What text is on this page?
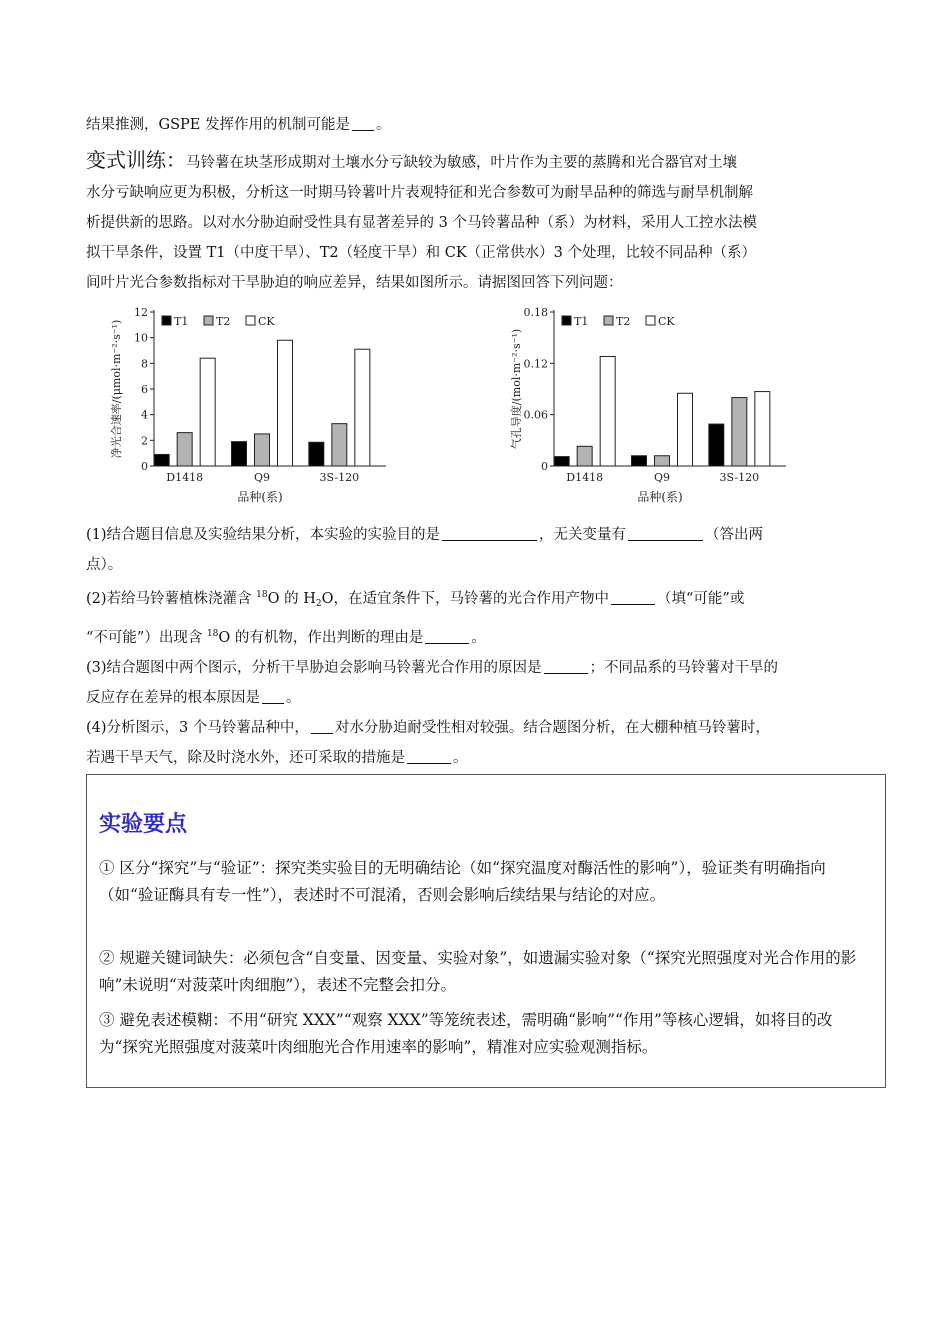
结果推测，GSPE 发挥作用的机制可能是 。

变式训练：马铃薯在块茎形成期对土壤水分亏缺较为敏感，叶片作为主要的蒸腾和光合器官对土壤

水分亏缺响应更为积极，分析这一时期马铃薯叶片表观特征和光合参数可为耐旱品种的筛选与耐旱机制解

析提供新的思路。以对水分胁迫耐受性具有显著差异的 3 个马铃薯品种（系）为材料，采用人工控水法模

拟干旱条件，设置 T1（中度干旱）、T2（轻度干旱）和 CK（正常供水）3 个处理，比较不同品种（系）

间叶片光合参数指标对干旱胁迫的响应差异，结果如图所示。请据图回答下列问题：

0
2
4
6
8
10
12
净光合速率/(μmol·m⁻²·s⁻¹)
D1418	Q9	3S-120
品种(系)
T1	T2	CK
0
0.06
0.12
0.18
气孔导度/(mol·m⁻²·s⁻¹)
D1418	Q9	3S-120
品种(系)
T1	T2	CK

(1)结合题目信息及实验结果分析，本实验的实验目的是	，无关变量有	（答出两

点）。

(2)若给马铃薯植株浇灌含 $^{18}$O 的 $H_2O$，在适宜条件下，马铃薯的光合作用产物中	（填“可能”或

“不可能”）出现含 $^{18}$O 的有机物，作出判断的理由是	。

(3)结合题图中两个图示，分析干旱胁迫会影响马铃薯光合作用的原因是	；不同品系的马铃薯对干旱的

反应存在差异的根本原因是 。

(4)分析图示，3 个马铃薯品种中， 对水分胁迫耐受性相对较强。结合题图分析，在大棚种植马铃薯时，

若遇干旱天气，除及时浇水外，还可采取的措施是	。

实验要点

① 区分“探究”与“验证”：探究类实验目的无明确结论（如“探究温度对酶活性的影响”），验证类有明确指向（如“验证酶具有专一性”），表述时不可混淆，否则会影响后续结果与结论的对应。

② 规避关键词缺失：必须包含“自变量、因变量、实验对象”，如遗漏实验对象（“探究光照强度对光合作用的影响”未说明“对菠菜叶肉细胞”），表述不完整会扣分。

③ 避免表述模糊：不用“研究 XXX”“观察 XXX”等笼统表述，需明确“影响”“作用”等核心逻辑，如将目的改为“探究光照强度对菠菜叶肉细胞光合作用速率的影响”，精准对应实验观测指标。
